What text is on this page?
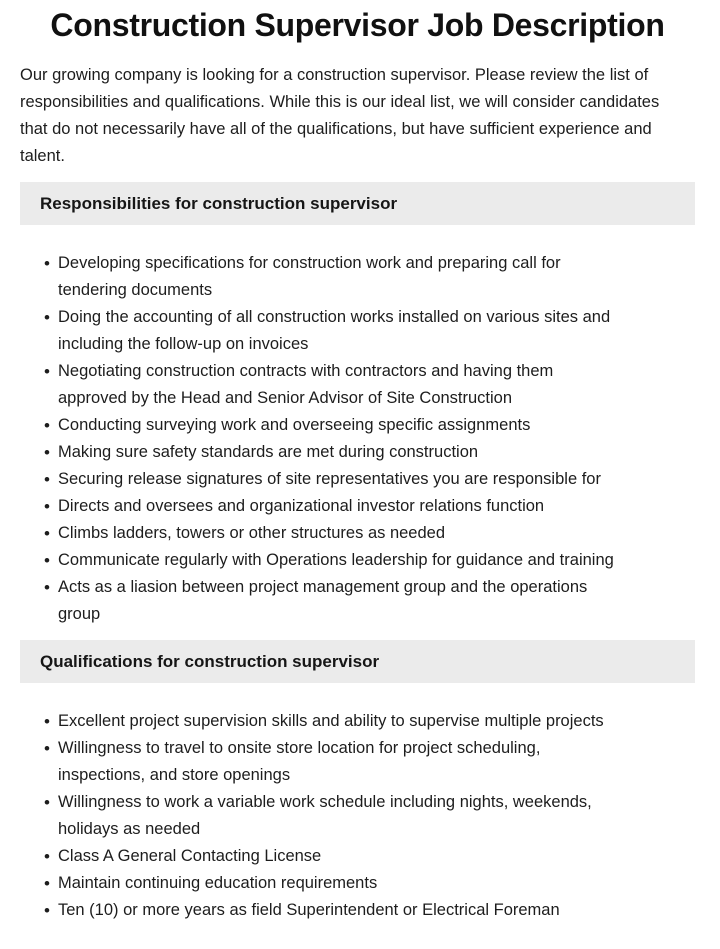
Construction Supervisor Job Description

Our growing company is looking for a construction supervisor. Please review the list of responsibilities and qualifications. While this is our ideal list, we will consider candidates that do not necessarily have all of the qualifications, but have sufficient experience and talent.

Responsibilities for construction supervisor
• Developing specifications for construction work and preparing call for tendering documents
• Doing the accounting of all construction works installed on various sites and including the follow-up on invoices
• Negotiating construction contracts with contractors and having them approved by the Head and Senior Advisor of Site Construction
• Conducting surveying work and overseeing specific assignments
• Making sure safety standards are met during construction
• Securing release signatures of site representatives you are responsible for
• Directs and oversees and organizational investor relations function
• Climbs ladders, towers or other structures as needed
• Communicate regularly with Operations leadership for guidance and training
• Acts as a liasion between project management group and the operations group
Qualifications for construction supervisor
• Excellent project supervision skills and ability to supervise multiple projects
• Willingness to travel to onsite store location for project scheduling, inspections, and store openings
• Willingness to work a variable work schedule including nights, weekends, holidays as needed
• Class A General Contacting License
• Maintain continuing education requirements
• Ten (10) or more years as field Superintendent or Electrical Foreman
